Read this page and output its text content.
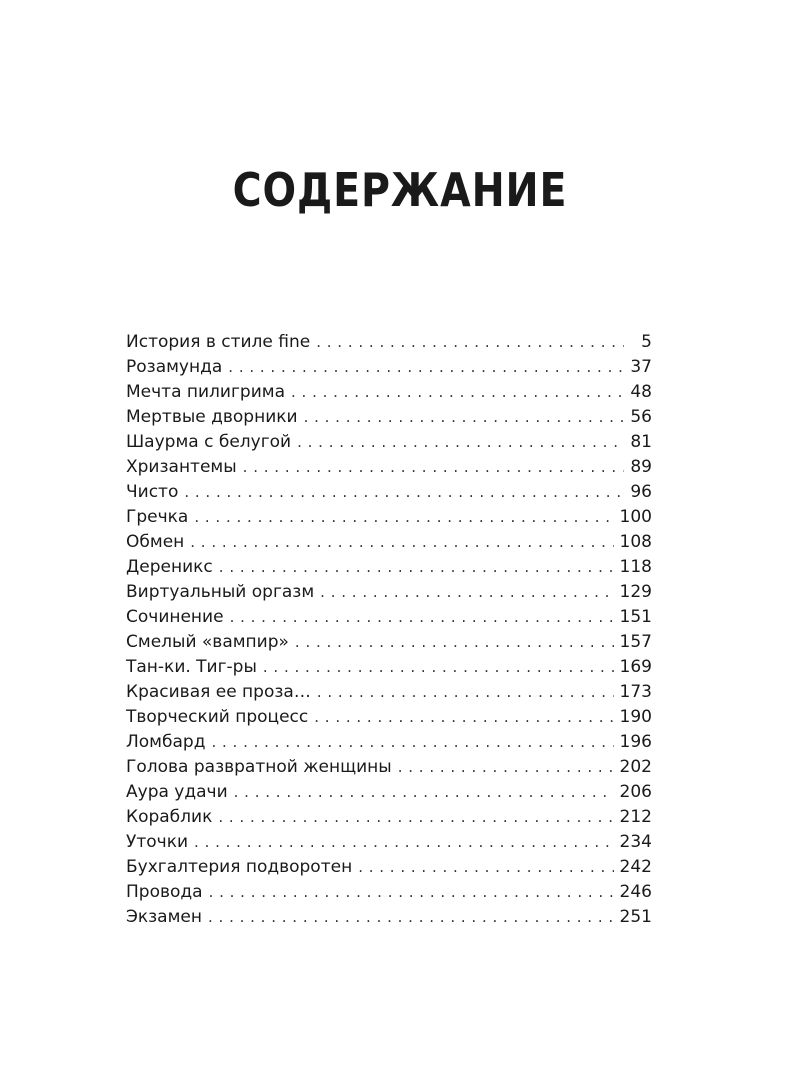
СОДЕРЖАНИЕ
История в стиле fine . . .	5
Розамунда . . .	37
Мечта пилигрима . . .	48
Мертвые дворники . . .	56
Шаурма с белугой . . .	81
Хризантемы . . .	89
Чисто . . .	96
Гречка . . .	100
Обмен . . .	108
Дереникс . . .	118
Виртуальный оргазм . . .	129
Сочинение . . .	151
Смелый «вампир» . . .	157
Тан-ки. Тиг-ры . . .	169
Красивая ее проза… . . .	173
Творческий процесс . . .	190
Ломбард . . .	196
Голова развратной женщины . . .	202
Аура удачи . . .	206
Кораблик . . .	212
Уточки . . .	234
Бухгалтерия подворотен . . .	242
Провода . . .	246
Экзамен . . .	251
